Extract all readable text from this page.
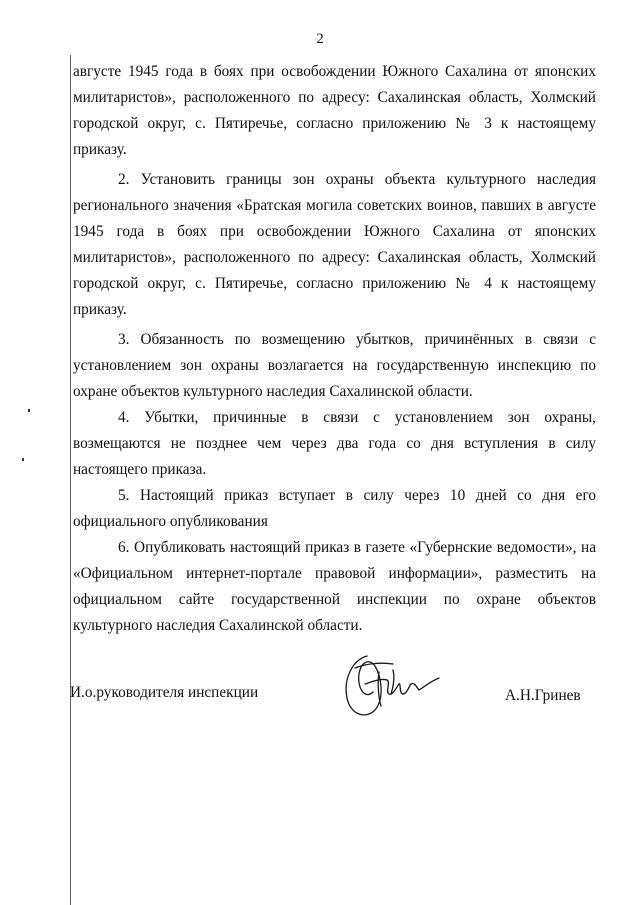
2
августе 1945 года в боях при освобождении Южного Сахалина от японских милитаристов», расположенного по адресу: Сахалинская область, Холмский городской округ, с. Пятиречье, согласно приложению № 3 к настоящему приказу.
2. Установить границы зон охраны объекта культурного наследия регионального значения «Братская могила советских воинов, павших в августе 1945 года в боях при освобождении Южного Сахалина от японских милитаристов», расположенного по адресу: Сахалинская область, Холмский городской округ, с. Пятиречье, согласно приложению № 4 к настоящему приказу.
3. Обязанность по возмещению убытков, причинённых в связи с установлением зон охраны возлагается на государственную инспекцию по охране объектов культурного наследия Сахалинской области.
4. Убытки, причинные в связи с установлением зон охраны, возмещаются не позднее чем через два года со дня вступления в силу настоящего приказа.
5. Настоящий приказ вступает в силу через 10 дней со дня его официального опубликования
6. Опубликовать настоящий приказ в газете «Губернские ведомости», на «Официальном интернет-портале правовой информации», разместить на официальном сайте государственной инспекции по охране объектов культурного наследия Сахалинской области.
И.о.руководителя инспекции	А.Н.Гринев
